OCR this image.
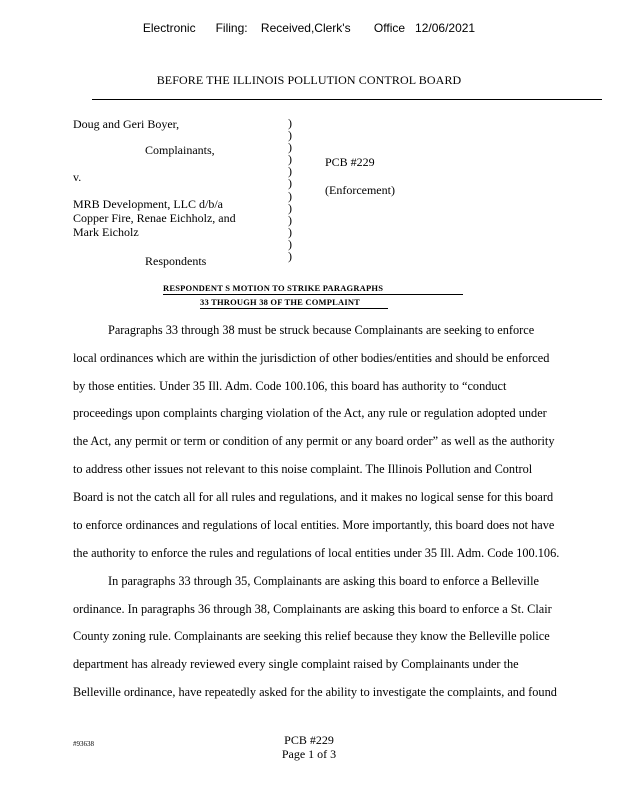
Electronic      Filing:    Received,Clerk's       Office   12/06/2021
BEFORE THE ILLINOIS POLLUTION CONTROL BOARD
Doug and Geri Boyer,
Complainants,
v.
MRB Development, LLC d/b/a
Copper Fire, Renae Eichholz, and
Mark Eicholz
Respondents
PCB #229
(Enforcement)
)
)
)
)
)
)
)
)
)
)
)
)
RESPONDENT S MOTION TO STRIKE PARAGRAPHS
33 THROUGH 38 OF THE COMPLAINT
Paragraphs 33 through 38 must be struck because Complainants are seeking to enforce
local ordinances which are within the jurisdiction of other bodies/entities and should be enforced
by those entities. Under 35 Ill. Adm. Code 100.106, this board has authority to “conduct
proceedings upon complaints charging violation of the Act, any rule or regulation adopted under
the Act, any permit or term or condition of any permit or any board order” as well as the authority
to address other issues not relevant to this noise complaint. The Illinois Pollution and Control
Board is not the catch all for all rules and regulations, and it makes no logical sense for this board
to enforce ordinances and regulations of local entities. More importantly, this board does not have
the authority to enforce the rules and regulations of local entities under 35 Ill. Adm. Code 100.106.
In paragraphs 33 through 35, Complainants are asking this board to enforce a Belleville
ordinance. In paragraphs 36 through 38, Complainants are asking this board to enforce a St. Clair
County zoning rule. Complainants are seeking this relief because they know the Belleville police
department has already reviewed every single complaint raised by Complainants under the
Belleville ordinance, have repeatedly asked for the ability to investigate the complaints, and found
#93638	PCB #229
Page 1 of 3
